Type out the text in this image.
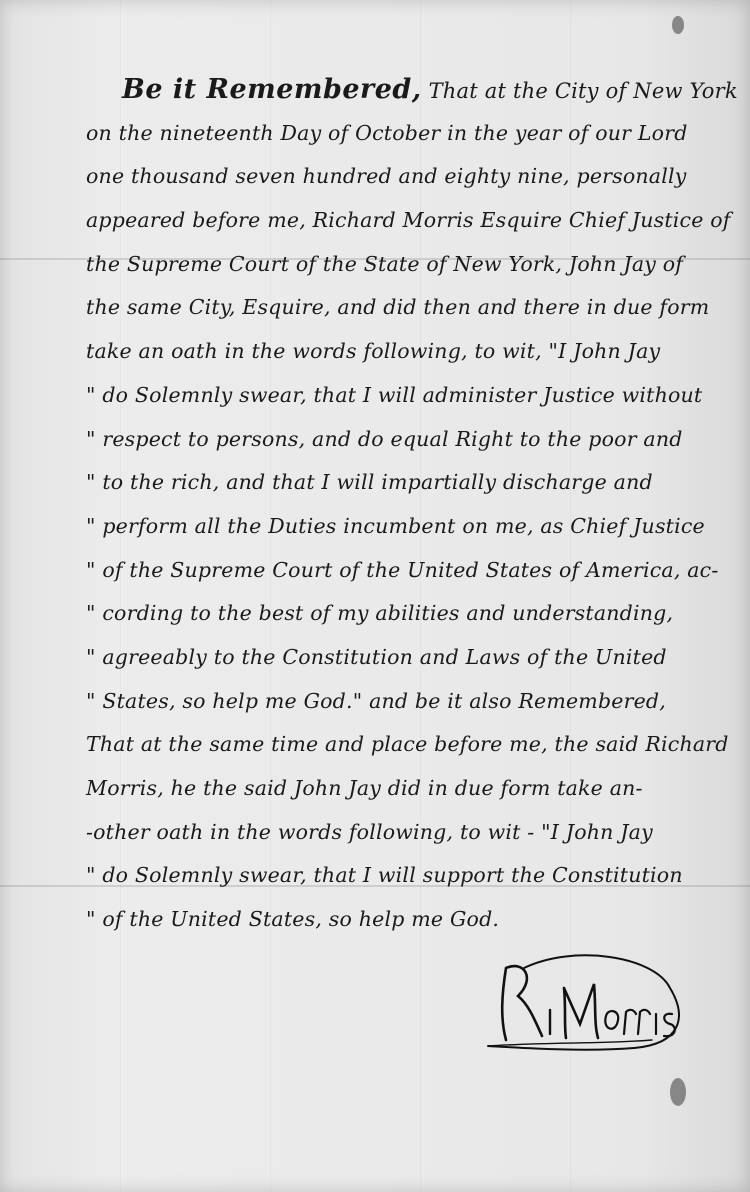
Be it Remembered, That at the City of New York
on the nineteenth Day of October in the year of our Lord
one thousand seven hundred and eighty nine, personally
appeared before me, Richard Morris Esquire Chief Justice of
the Supreme Court of the State of New York, John Jay of
the same City, Esquire, and did then and there in due form
take an oath in the words following, to wit, "I John Jay
" do Solemnly swear, that I will administer Justice without
" respect to persons, and do equal Right to the poor and
" to the rich, and that I will impartially discharge and
" perform all the Duties incumbent on me, as Chief Justice
" of the Supreme Court of the United States of America, ac-
" cording to the best of my abilities and understanding,
" agreeably to the Constitution and Laws of the United
" States, so help me God." and be it also Remembered,
That at the same time and place before me, the said Richard
Morris, he the said John Jay did in due form take an-
-other oath in the words following, to wit - "I John Jay
" do Solemnly swear, that I will support the Constitution
" of the United States, so help me God.
Ri Morris
